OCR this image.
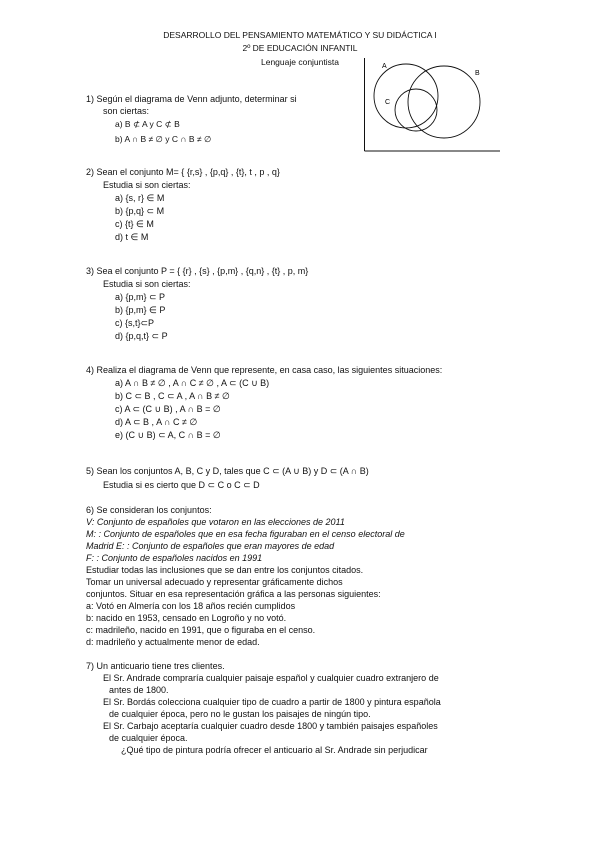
DESARROLLO DEL PENSAMIENTO MATEMÁTICO Y SU DIDÁCTICA I
2º DE EDUCACIÓN INFANTIL
Lenguaje conjuntista	A
B
C
1) Según el diagrama de Venn adjunto, determinar si
son ciertas:
a) B ⊄ A y C ⊄ B
b) A ∩ B ≠ ∅ y C ∩ B ≠ ∅
2) Sean el conjunto M= { {r,s} , {p,q} , {t}, t , p , q}
Estudia si son ciertas:
a) {s, r} ∈ M
b) {p,q} ⊂ M
c) {t} ∈ M
d) t ∈ M
3) Sea el conjunto P = { {r} , {s} , {p,m} , {q,n} , {t} , p, m}
Estudia si son ciertas:
a) {p,m} ⊂ P
b) {p,m} ∈ P
c) {s,t}⊂P
d) {p,q,t} ⊂ P
4) Realiza el diagrama de Venn que represente, en casa caso, las siguientes situaciones:
a) A ∩ B ≠ ∅ , A ∩ C ≠ ∅ , A ⊂ (C ∪ B)
b) C ⊂ B , C ⊂ A , A ∩ B ≠ ∅
c) A ⊂ (C ∪ B) , A ∩ B = ∅
d) A ⊂ B , A ∩ C ≠ ∅
e) (C ∪ B) ⊂ A, C ∩ B = ∅
5) Sean los conjuntos A, B, C y D, tales que C ⊂ (A ∪ B) y D ⊂ (A ∩ B)
Estudia si es cierto que D ⊂ C o C ⊂ D
6) Se consideran los conjuntos:
V: Conjunto de españoles que votaron en las elecciones de 2011
M: : Conjunto de españoles que en esa fecha figuraban en el censo electoral de
Madrid E: : Conjunto de españoles que eran mayores de edad
F: : Conjunto de españoles nacidos en 1991
Estudiar todas las inclusiones que se dan entre los conjuntos citados.
Tomar un universal adecuado y representar gráficamente dichos
conjuntos. Situar en esa representación gráfica a las personas siguientes:
a: Votó en Almería con los 18 años recién cumplidos
b: nacido en 1953, censado en Logroño y no votó.
c: madrileño, nacido en 1991, que o figuraba en el censo.
d: madrileño y actualmente menor de edad.
7) Un anticuario tiene tres clientes.
El Sr. Andrade compraría cualquier paisaje español y cualquier cuadro extranjero de
antes de 1800.
El Sr. Bordás colecciona cualquier tipo de cuadro a partir de 1800 y pintura española
de cualquier época, pero no le gustan los paisajes de ningún tipo.
El Sr. Carbajo aceptaría cualquier cuadro desde 1800 y también paisajes españoles
de cualquier época.
¿Qué tipo de pintura podría ofrecer el anticuario al Sr. Andrade sin perjudicar
